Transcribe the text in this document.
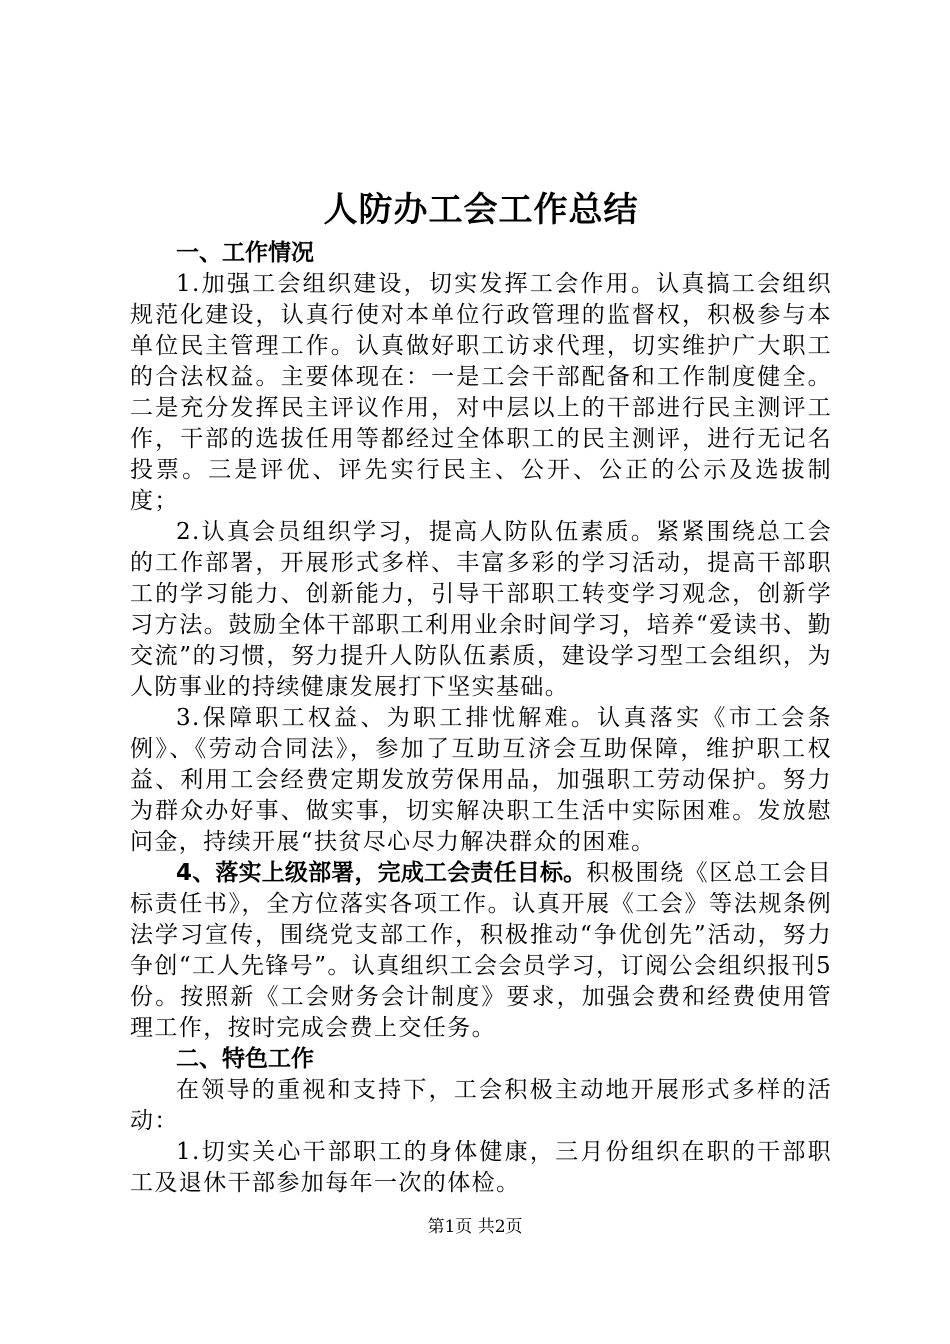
人防办工会工作总结

一、工作情况

1.加强工会组织建设，切实发挥工会作用。认真搞工会组织规范化建设，认真行使对本单位行政管理的监督权，积极参与本单位民主管理工作。认真做好职工访求代理，切实维护广大职工的合法权益。主要体现在：一是工会干部配备和工作制度健全。二是充分发挥民主评议作用，对中层以上的干部进行民主测评工作，干部的选拔任用等都经过全体职工的民主测评，进行无记名投票。三是评优、评先实行民主、公开、公正的公示及选拔制度；

2.认真会员组织学习，提高人防队伍素质。紧紧围绕总工会的工作部署，开展形式多样、丰富多彩的学习活动，提高干部职工的学习能力、创新能力，引导干部职工转变学习观念，创新学习方法。鼓励全体干部职工利用业余时间学习，培养“爱读书、勤交流”的习惯，努力提升人防队伍素质，建设学习型工会组织，为人防事业的持续健康发展打下坚实基础。

3.保障职工权益、为职工排忧解难。认真落实《市工会条例》、《劳动合同法》，参加了互助互济会互助保障，维护职工权益、利用工会经费定期发放劳保用品，加强职工劳动保护。努力为群众办好事、做实事，切实解决职工生活中实际困难。发放慰问金，持续开展“扶贫尽心尽力解决群众的困难。

4、落实上级部署，完成工会责任目标。积极围绕《区总工会目标责任书》，全方位落实各项工作。认真开展《工会》等法规条例法学习宣传，围绕党支部工作，积极推动“争优创先”活动，努力争创“工人先锋号”。认真组织工会会员学习，订阅公会组织报刊5份。按照新《工会财务会计制度》要求，加强会费和经费使用管理工作，按时完成会费上交任务。

二、特色工作

在领导的重视和支持下，工会积极主动地开展形式多样的活动：

1.切实关心干部职工的身体健康，三月份组织在职的干部职工及退休干部参加每年一次的体检。

第1页 共2页
